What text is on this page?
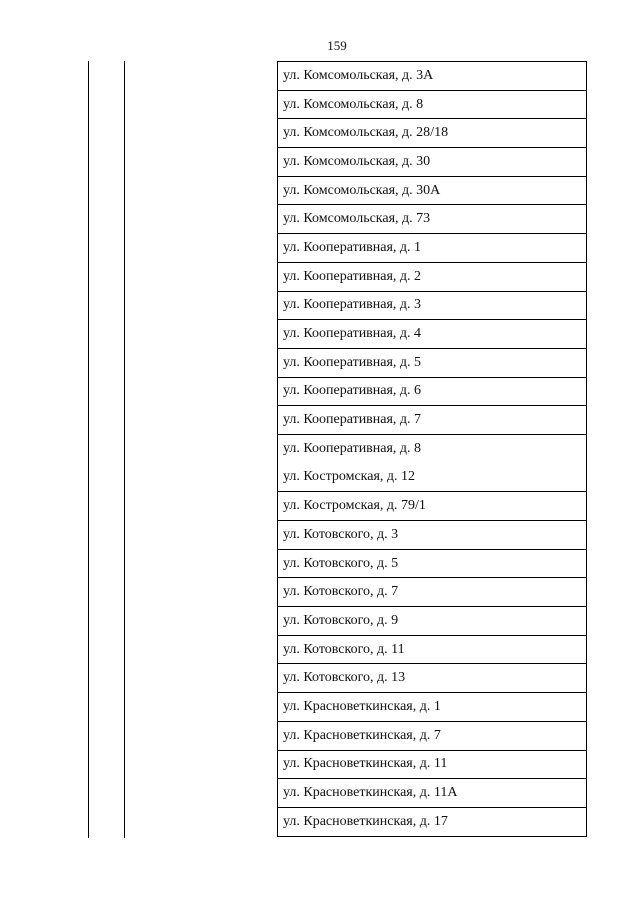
159
ул. Комсомольская, д. 3А
ул. Комсомольская, д. 8
ул. Комсомольская, д. 28/18
ул. Комсомольская, д. 30
ул. Комсомольская, д. 30А
ул. Комсомольская, д. 73
ул. Кооперативная, д. 1
ул. Кооперативная, д. 2
ул. Кооперативная, д. 3
ул. Кооперативная, д. 4
ул. Кооперативная, д. 5
ул. Кооперативная, д. 6
ул. Кооперативная, д. 7
ул. Кооперативная, д. 8
ул. Костромская, д. 12
ул. Костромская, д. 79/1
ул. Котовского, д. 3
ул. Котовского, д. 5
ул. Котовского, д. 7
ул. Котовского, д. 9
ул. Котовского, д. 11
ул. Котовского, д. 13
ул. Красноветкинская, д. 1
ул. Красноветкинская, д. 7
ул. Красноветкинская, д. 11
ул. Красноветкинская, д. 11А
ул. Красноветкинская, д. 17
